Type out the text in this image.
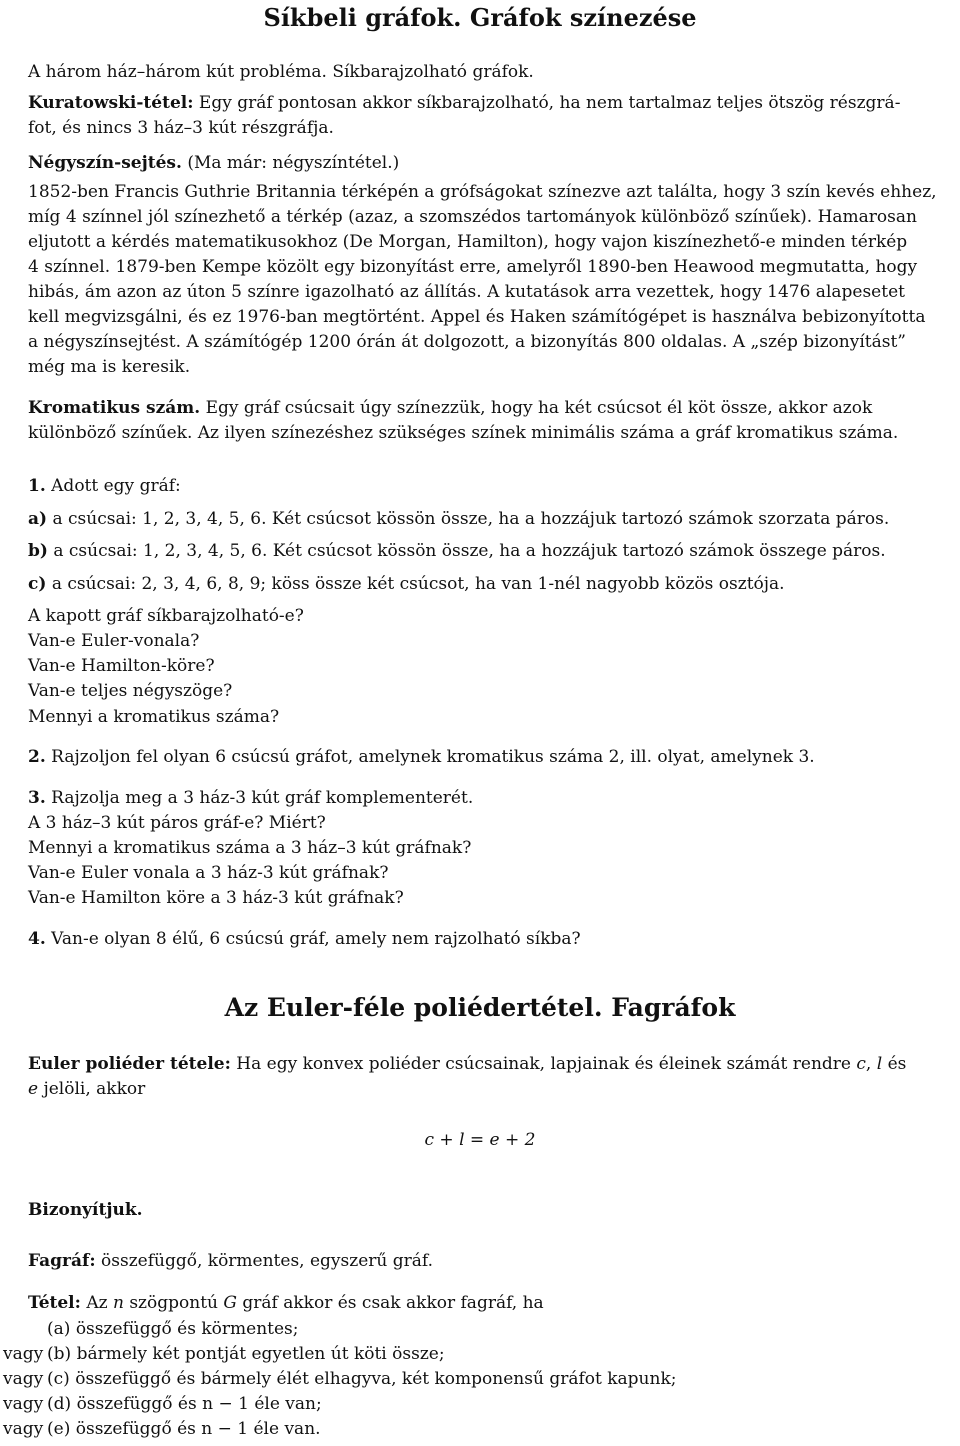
Síkbeli gráfok. Gráfok színezése
A három ház–három kút probléma. Síkbarajzolható gráfok.

Kuratowski-tétel: Egy gráf pontosan akkor síkbarajzolható, ha nem tartalmaz teljes ötszög részgrá-

fot, és nincs 3 ház–3 kút részgráfja.

Négyszín-sejtés. (Ma már: négyszíntétel.)

1852-ben Francis Guthrie Britannia térképén a grófságokat színezve azt találta, hogy 3 szín kevés ehhez,

míg 4 színnel jól színezhető a térkép (azaz, a szomszédos tartományok különböző színűek). Hamarosan

eljutott a kérdés matematikusokhoz (De Morgan, Hamilton), hogy vajon kiszínezhető-e minden térkép

4 színnel. 1879-ben Kempe közölt egy bizonyítást erre, amelyről 1890-ben Heawood megmutatta, hogy

hibás, ám azon az úton 5 színre igazolható az állítás. A kutatások arra vezettek, hogy 1476 alapesetet

kell megvizsgálni, és ez 1976-ban megtörtént. Appel és Haken számítógépet is használva bebizonyította

a négyszínsejtést. A számítógép 1200 órán át dolgozott, a bizonyítás 800 oldalas. A „szép bizonyítást”

még ma is keresik.

Kromatikus szám. Egy gráf csúcsait úgy színezzük, hogy ha két csúcsot él köt össze, akkor azok

különböző színűek. Az ilyen színezéshez szükséges színek minimális száma a gráf kromatikus száma.

1. Adott egy gráf:
a) a csúcsai: 1, 2, 3, 4, 5, 6. Két csúcsot kössön össze, ha a hozzájuk tartozó számok szorzata páros.
b) a csúcsai: 1, 2, 3, 4, 5, 6. Két csúcsot kössön össze, ha a hozzájuk tartozó számok összege páros.
c) a csúcsai: 2, 3, 4, 6, 8, 9; köss össze két csúcsot, ha van 1-nél nagyobb közös osztója.
A kapott gráf síkbarajzolható-e?
Van-e Euler-vonala?
Van-e Hamilton-köre?
Van-e teljes négyszöge?
Mennyi a kromatikus száma?
2. Rajzoljon fel olyan 6 csúcsú gráfot, amelynek kromatikus száma 2, ill. olyat, amelynek 3.
3. Rajzolja meg a 3 ház-3 kút gráf komplementerét.
A 3 ház–3 kút páros gráf-e? Miért?
Mennyi a kromatikus száma a 3 ház–3 kút gráfnak?
Van-e Euler vonala a 3 ház-3 kút gráfnak?
Van-e Hamilton köre a 3 ház-3 kút gráfnak?
4. Van-e olyan 8 élű, 6 csúcsú gráf, amely nem rajzolható síkba?
Az Euler-féle poliédertétel. Fagráfok

Euler poliéder tétele: Ha egy konvex poliéder csúcsainak, lapjainak és éleinek számát rendre c, l és

e jelöli, akkor

c + l = e + 2
Bizonyítjuk.
Fagráf: összefüggő, körmentes, egyszerű gráf.
Tétel: Az n szögpontú G gráf akkor és csak akkor fagráf, ha
(a) összefüggő és körmentes;
vagy (b) bármely két pontját egyetlen út köti össze;
vagy (c) összefüggő és bármely élét elhagyva, két komponensű gráfot kapunk;
vagy (d) összefüggő és n − 1 éle van;
vagy (e) összefüggő és n − 1 éle van.
